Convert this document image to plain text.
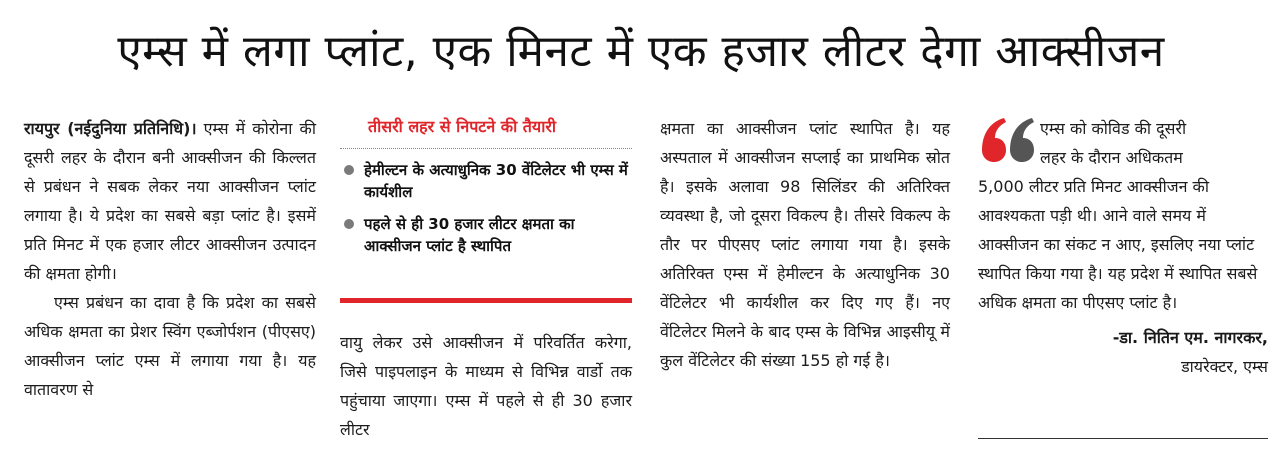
एम्स में लगा प्लांट, एक मिनट में एक हजार लीटर देगा आक्सीजन

रायपुर (नईदुनिया प्रतिनिधि)। एम्स में कोरोना की दूसरी लहर के दौरान बनी आक्सीजन की किल्लत से प्रबंधन ने सबक लेकर नया आक्सीजन प्लांट लगाया है। ये प्रदेश का सबसे बड़ा प्लांट है। इसमें प्रति मिनट में एक हजार लीटर आक्सीजन उत्पादन की क्षमता होगी।

एम्स प्रबंधन का दावा है कि प्रदेश का सबसे अधिक क्षमता का प्रेशर स्विंग एब्जोर्पशन (पीएसए) आक्सीजन प्लांट एम्स में लगाया गया है। यह वातावरण से

तीसरी लहर से निपटने की तैयारी
हेमील्टन के अत्याधुनिक 30 वेंटिलेटर भी एम्स में कार्यशील
पहले से ही 30 हजार लीटर क्षमता का आक्सीजन प्लांट है स्थापित

वायु लेकर उसे आक्सीजन में परिवर्तित करेगा, जिसे पाइपलाइन के माध्यम से विभिन्न वार्डो तक पहुंचाया जाएगा। एम्स में पहले से ही 30 हजार लीटर

क्षमता का आक्सीजन प्लांट स्थापित है। यह अस्पताल में आक्सीजन सप्लाई का प्राथमिक स्रोत है। इसके अलावा 98 सिलिंडर की अतिरिक्त व्यवस्था है, जो दूसरा विकल्प है। तीसरे विकल्प के तौर पर पीएसए प्लांट लगाया गया है। इसके अतिरिक्त एम्स में हेमील्टन के अत्याधुनिक 30 वेंटिलेटर भी कार्यशील कर दिए गए हैं। नए वेंटिलेटर मिलने के बाद एम्स के विभिन्न आइसीयू में कुल वेंटिलेटर की संख्या 155 हो गई है।

एम्स को कोविड की दूसरी

लहर के दौरान अधिकतम

5,000 लीटर प्रति मिनट आक्सीजन की आवश्यकता पड़ी थी। आने वाले समय में आक्सीजन का संकट न आए, इसलिए नया प्लांट स्थापित किया गया है। यह प्रदेश में स्थापित सबसे अधिक क्षमता का पीएसए प्लांट है।

-डा. नितिन एम. नागरकर,
डायरेक्टर, एम्स
